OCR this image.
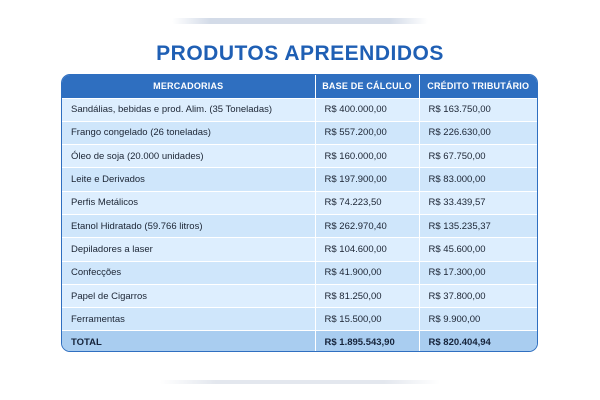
PRODUTOS APREENDIDOS
MERCADORIAS	BASE DE CÁLCULO	CRÉDITO TRIBUTÁRIO
Sandálias, bebidas e prod. Alim. (35 Toneladas)	R$ 400.000,00	R$ 163.750,00
Frango congelado (26 toneladas)	R$ 557.200,00	R$ 226.630,00
Óleo de soja (20.000 unidades)	R$ 160.000,00	R$ 67.750,00
Leite e Derivados	R$ 197.900,00	R$ 83.000,00
Perfis Metálicos	R$ 74.223,50	R$ 33.439,57
Etanol Hidratado (59.766 litros)	R$ 262.970,40	R$ 135.235,37
Depiladores a laser	R$ 104.600,00	R$ 45.600,00
Confecções	R$ 41.900,00	R$ 17.300,00
Papel de Cigarros	R$ 81.250,00	R$ 37.800,00
Ferramentas	R$ 15.500,00	R$ 9.900,00
TOTAL	R$ 1.895.543,90	R$ 820.404,94
